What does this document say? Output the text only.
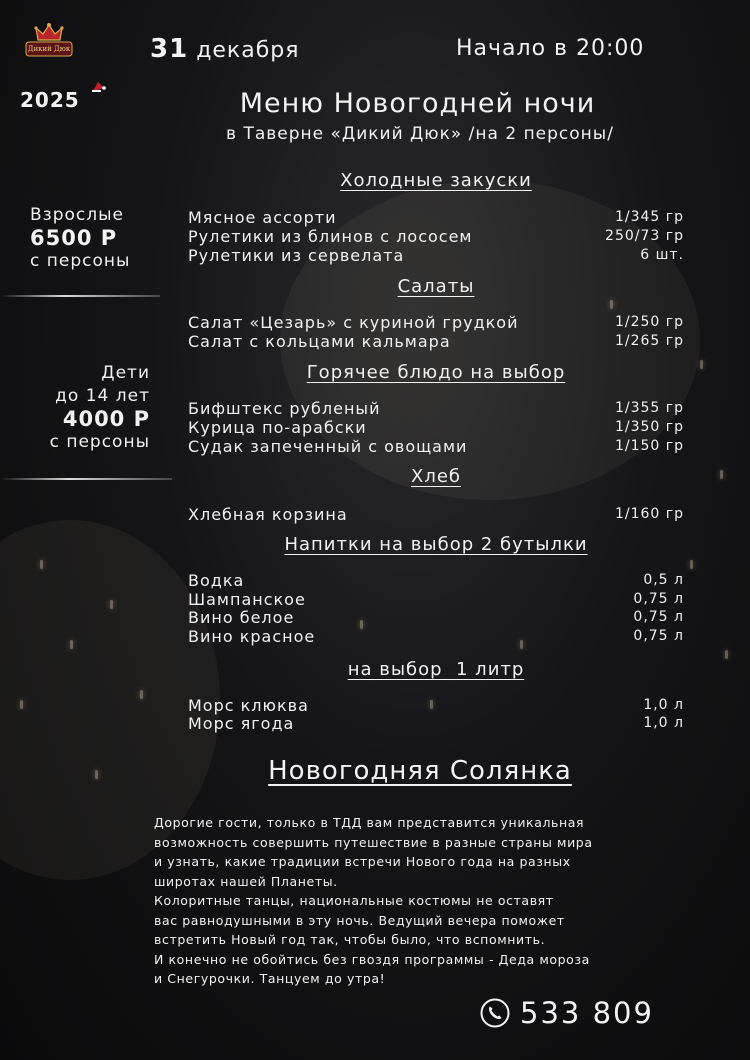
Дикий Дюк
2025
31 декабря	Начало в 20:00
Меню Новогодней ночи
в Таверне «Дикий Дюк» /на 2 персоны/
Взрослые
6500 Р
с персоны
Дети
до 14 лет
4000 Р
с персоны
Холодные закуски
Мясное ассорти	1/345 гр
Рулетики из блинов с лососем	250/73 гр
Рулетики из сервелата	6 шт.
Салаты
Салат «Цезарь» с куриной грудкой	1/250 гр
Салат с кольцами кальмара	1/265 гр
Горячее блюдо на выбор
Бифштекс рубленый	1/355 гр
Курица по-арабски	1/350 гр
Судак запеченный с овощами	1/150 гр
Хлеб
Хлебная корзина	1/160 гр
Напитки на выбор 2 бутылки
Водка	0,5 л
Шампанское	0,75 л
Вино белое	0,75 л
Вино красное	0,75 л
на выбор  1 литр
Морс клюква	1,0 л
Морс ягода	1,0 л
Новогодняя Солянка

Дорогие гости, только в ТДД вам представится уникальная

возможность совершить путешествие в разные страны мира

и узнать, какие традиции встречи Нового года на разных

широтах нашей Планеты.

Колоритные танцы, национальные костюмы не оставят

вас равнодушными в эту ночь. Ведущий вечера поможет

встретить Новый год так, чтобы было, что вспомнить.

И конечно не обойтись без гвоздя программы - Деда мороза

и Снегурочки. Танцуем до утра!

533 809
